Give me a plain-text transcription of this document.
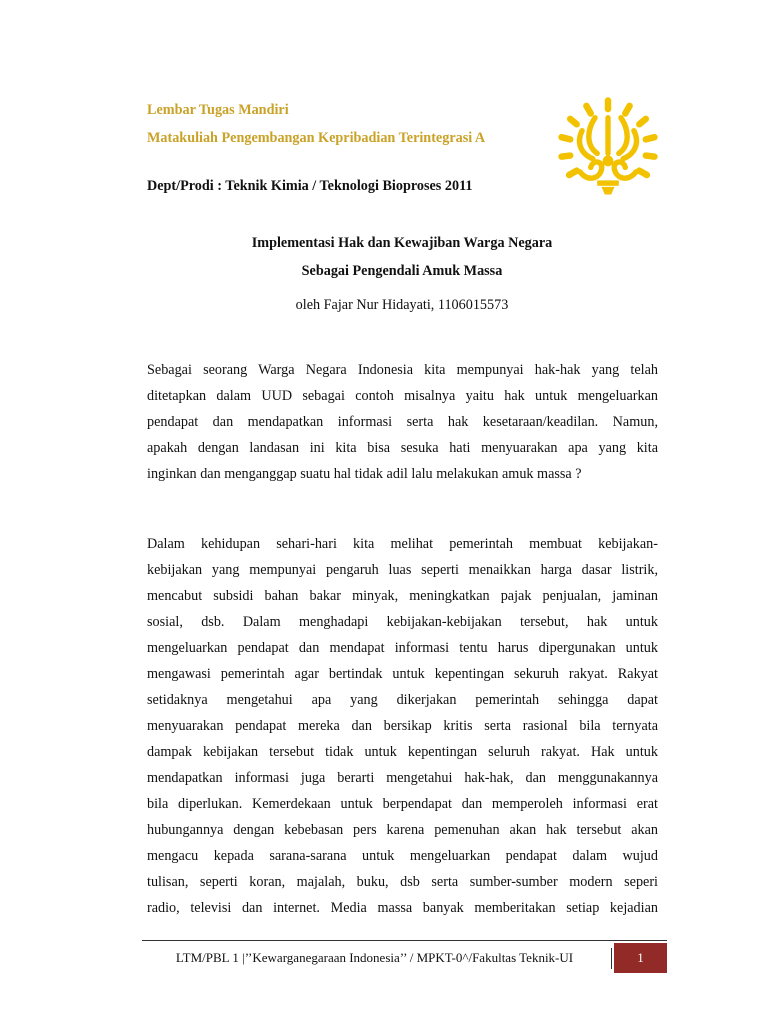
Lembar Tugas Mandiri
Matakuliah Pengembangan Kepribadian Terintegrasi A
Dept/Prodi : Teknik Kimia / Teknologi Bioproses 2011
Implementasi Hak dan Kewajiban Warga Negara
Sebagai Pengendali Amuk Massa
oleh Fajar Nur Hidayati, 1106015573
Sebagai seorang Warga Negara Indonesia kita mempunyai hak-hak yang telah
ditetapkan dalam UUD sebagai contoh misalnya yaitu hak untuk mengeluarkan
pendapat dan mendapatkan informasi serta hak kesetaraan/keadilan. Namun,
apakah dengan landasan ini kita bisa sesuka hati menyuarakan apa yang kita
inginkan dan menganggap suatu hal tidak adil lalu melakukan amuk massa ?
Dalam kehidupan sehari-hari kita melihat pemerintah membuat kebijakan-
kebijakan yang mempunyai pengaruh luas seperti menaikkan harga dasar listrik,
mencabut subsidi bahan bakar minyak, meningkatkan pajak penjualan, jaminan
sosial, dsb. Dalam menghadapi kebijakan-kebijakan tersebut, hak untuk
mengeluarkan pendapat dan mendapat informasi tentu harus dipergunakan untuk
mengawasi pemerintah agar bertindak untuk kepentingan sekuruh rakyat. Rakyat
setidaknya mengetahui apa yang dikerjakan pemerintah sehingga dapat
menyuarakan pendapat mereka dan bersikap kritis serta rasional bila ternyata
dampak kebijakan tersebut tidak untuk kepentingan seluruh rakyat. Hak untuk
mendapatkan informasi juga berarti mengetahui hak-hak, dan menggunakannya
bila diperlukan. Kemerdekaan untuk berpendapat dan memperoleh informasi erat
hubungannya dengan kebebasan pers karena pemenuhan akan hak tersebut akan
mengacu kepada sarana-sarana untuk mengeluarkan pendapat dalam wujud
tulisan, seperti koran, majalah, buku, dsb serta sumber-sumber modern seperi
radio, televisi dan internet. Media massa banyak memberitakan setiap kejadian
LTM/PBL 1 |’’Kewarganegaraan Indonesia’’ / MPKT-0^/Fakultas Teknik-UI	1
